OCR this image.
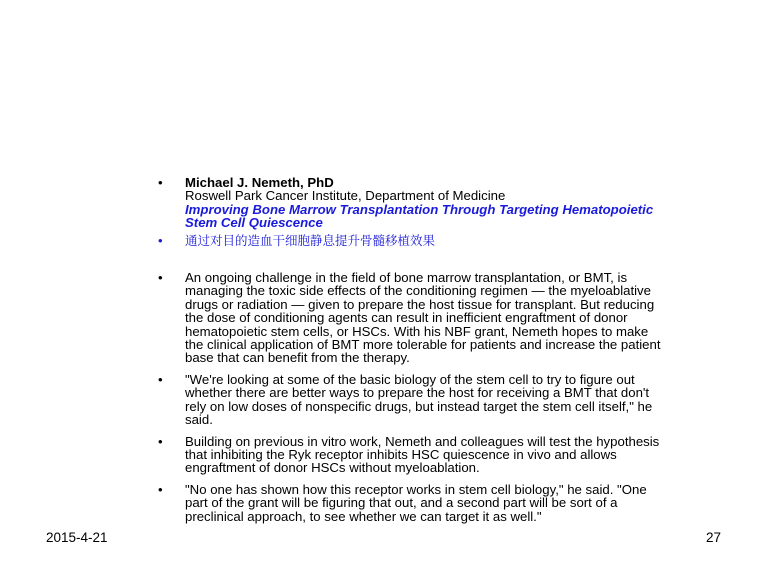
• Michael J. Nemeth, PhD
Roswell Park Cancer Institute, Department of Medicine
Improving Bone Marrow Transplantation Through Targeting Hematopoietic
Stem Cell Quiescence
• 通过对目的造血干细胞静息提升骨髓移植效果
• An ongoing challenge in the field of bone marrow transplantation, or BMT, is
managing the toxic side effects of the conditioning regimen — the myeloablative
drugs or radiation — given to prepare the host tissue for transplant. But reducing
the dose of conditioning agents can result in inefficient engraftment of donor
hematopoietic stem cells, or HSCs. With his NBF grant, Nemeth hopes to make
the clinical application of BMT more tolerable for patients and increase the patient
base that can benefit from the therapy.
• "We're looking at some of the basic biology of the stem cell to try to figure out
whether there are better ways to prepare the host for receiving a BMT that don't
rely on low doses of nonspecific drugs, but instead target the stem cell itself," he
said.
• Building on previous in vitro work, Nemeth and colleagues will test the hypothesis
that inhibiting the Ryk receptor inhibits HSC quiescence in vivo and allows
engraftment of donor HSCs without myeloablation.
• "No one has shown how this receptor works in stem cell biology," he said. "One
part of the grant will be figuring that out, and a second part will be sort of a
preclinical approach, to see whether we can target it as well."
2015-4-21	27
